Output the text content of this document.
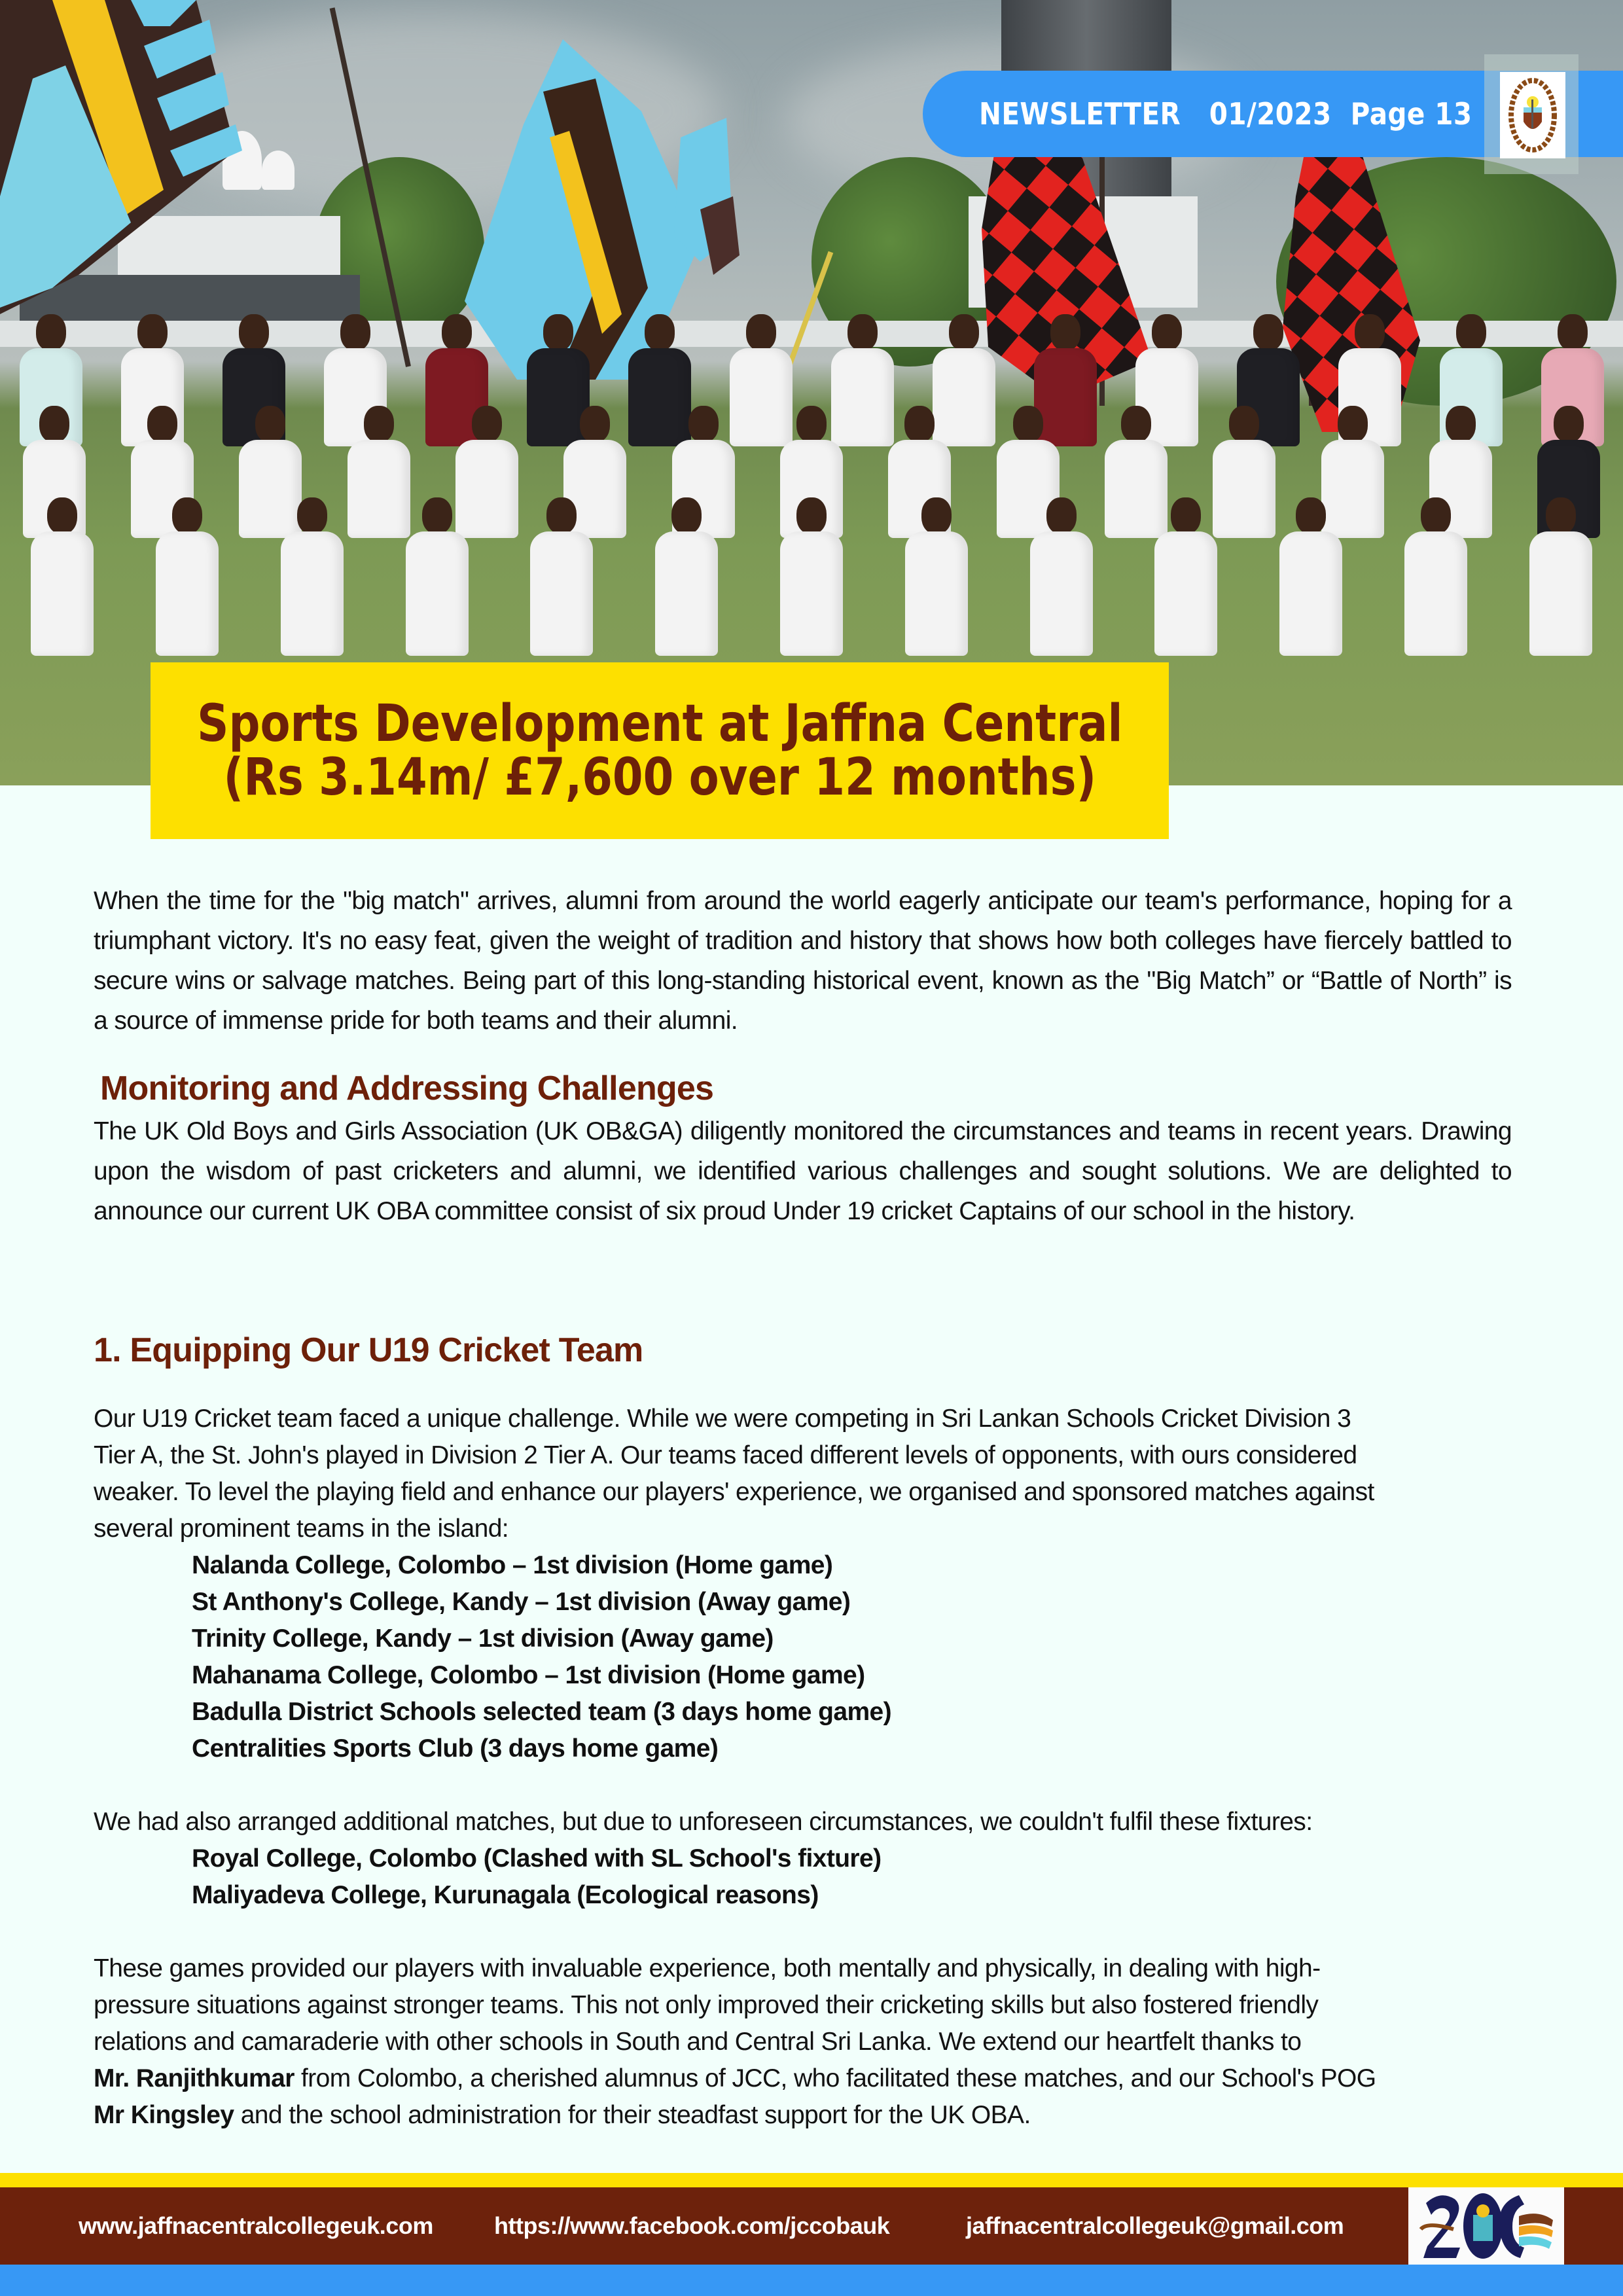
NEWSLETTER   01/2023  Page 13
Sports Development at Jaffna Central
(Rs 3.14m/ £7,600 over 12 months)

When the time for the "big match" arrives, alumni from around the world eagerly anticipate our team's performance, hoping for a triumphant victory. It's no easy feat, given the weight of tradition and history that shows how both colleges have fiercely battled to secure wins or salvage matches. Being part of this long-standing historical event, known as the "Big Match” or “Battle of North” is a source of immense pride for both teams and their alumni.

Monitoring and Addressing Challenges

The UK Old Boys and Girls Association (UK OB&GA) diligently monitored the circumstances and teams in recent years. Drawing upon the wisdom of past cricketers and alumni, we identified various challenges and sought solutions. We are delighted to announce our current UK OBA committee consist of six proud Under 19 cricket Captains of our school in the history.

1. Equipping Our U19 Cricket Team

Our U19 Cricket team faced a unique challenge. While we were competing in Sri Lankan Schools Cricket Division 3

Tier A, the St. John's played in Division 2 Tier A. Our teams faced different levels of opponents, with ours considered

weaker. To level the playing field and enhance our players' experience, we organised and sponsored matches against

several prominent teams in the island:

Nalanda College, Colombo – 1st division (Home game)
St Anthony's College, Kandy – 1st division (Away game)
Trinity College, Kandy – 1st division (Away game)
Mahanama College, Colombo – 1st division (Home game)
Badulla District Schools selected team (3 days home game)
Centralities Sports Club (3 days home game)

We had also arranged additional matches, but due to unforeseen circumstances, we couldn't fulfil these fixtures:

Royal College, Colombo (Clashed with SL School's fixture)
Maliyadeva College, Kurunagala (Ecological reasons)

These games provided our players with invaluable experience, both mentally and physically, in dealing with high-

pressure situations against stronger teams. This not only improved their cricketing skills but also fostered friendly

relations and camaraderie with other schools in South and Central Sri Lanka. We extend our heartfelt thanks to

Mr. Ranjithkumar from Colombo, a cherished alumnus of JCC, who facilitated these matches, and our School's POG

Mr Kingsley and the school administration for their steadfast support for the UK OBA.

www.jaffnacentralcollegeuk.com	https://www.facebook.com/jccobauk	jaffnacentralcollegeuk@gmail.com
